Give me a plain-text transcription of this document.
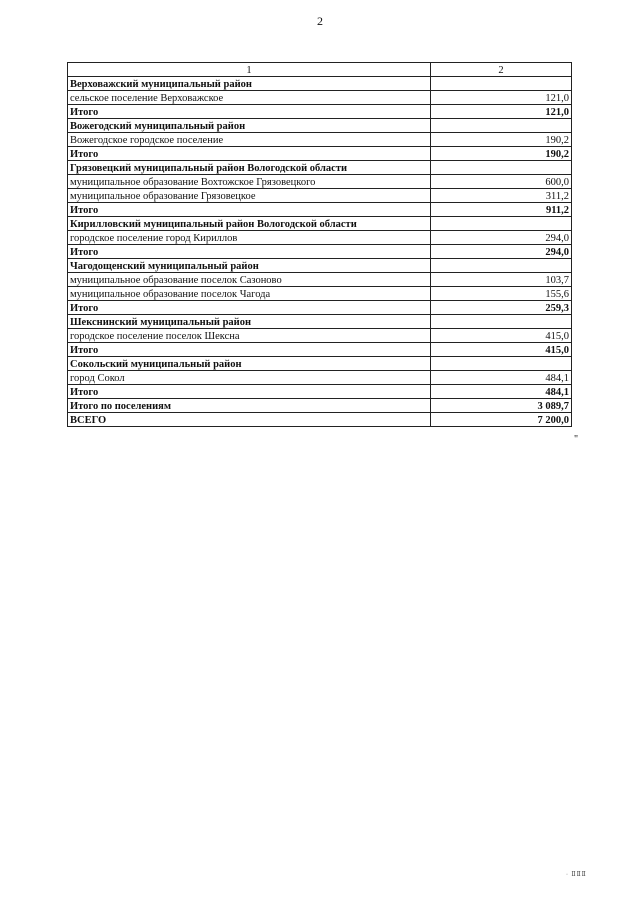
2
1	2
Верховажский муниципальный район	
сельское поселение Верховажское	121,0
Итого	121,0
Вожегодский муниципальный район	
Вожегодское городское поселение	190,2
Итого	190,2
Грязовецкий муниципальный район Вологодской области	
муниципальное образование Вохтожское Грязовецкого	600,0
муниципальное образование Грязовецкое	311,2
Итого	911,2
Кирилловский муниципальный район Вологодской области	
городское поселение город Кириллов	294,0
Итого	294,0
Чагодощенский муниципальный район	
муниципальное образование поселок Сазоново	103,7
муниципальное образование поселок Чагода	155,6
Итого	259,3
Шекснинский муниципальный район	
городское поселение поселок Шексна	415,0
Итого	415,0
Сокольский муниципальный район	
город Сокол	484,1
Итого	484,1
Итого по поселениям	3 089,7
ВСЕГО	7 200,0
"
· ⅡⅡⅡ
